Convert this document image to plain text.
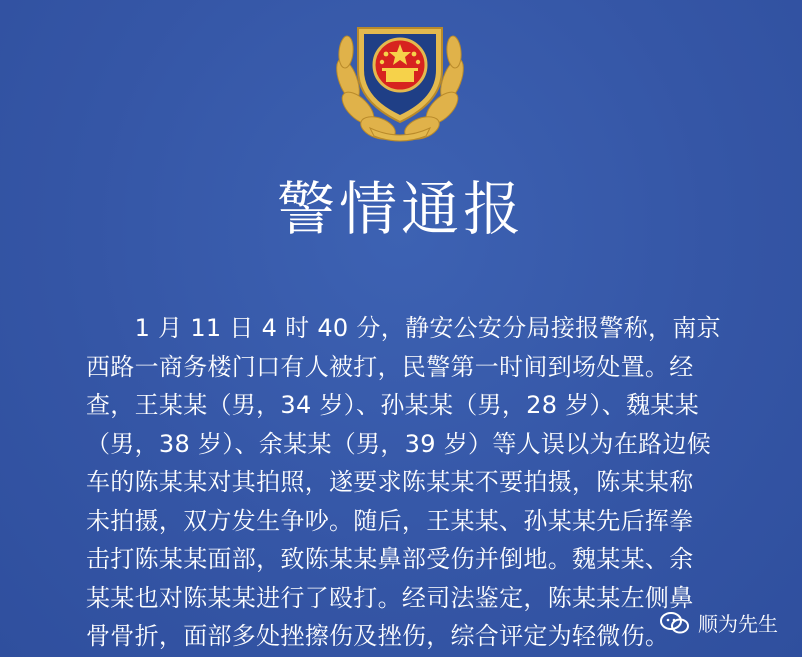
警情通报
　　1 月 11 日 4 时 40 分，静安公安分局接报警称，南京
西路一商务楼门口有人被打，民警第一时间到场处置。经
查，王某某（男，34 岁）、孙某某（男，28 岁）、魏某某
（男，38 岁）、余某某（男，39 岁）等人误以为在路边候
车的陈某某对其拍照，遂要求陈某某不要拍摄，陈某某称
未拍摄，双方发生争吵。随后，王某某、孙某某先后挥拳
击打陈某某面部，致陈某某鼻部受伤并倒地。魏某某、余
某某也对陈某某进行了殴打。经司法鉴定，陈某某左侧鼻
骨骨折，面部多处挫擦伤及挫伤，综合评定为轻微伤。	顺为先生
